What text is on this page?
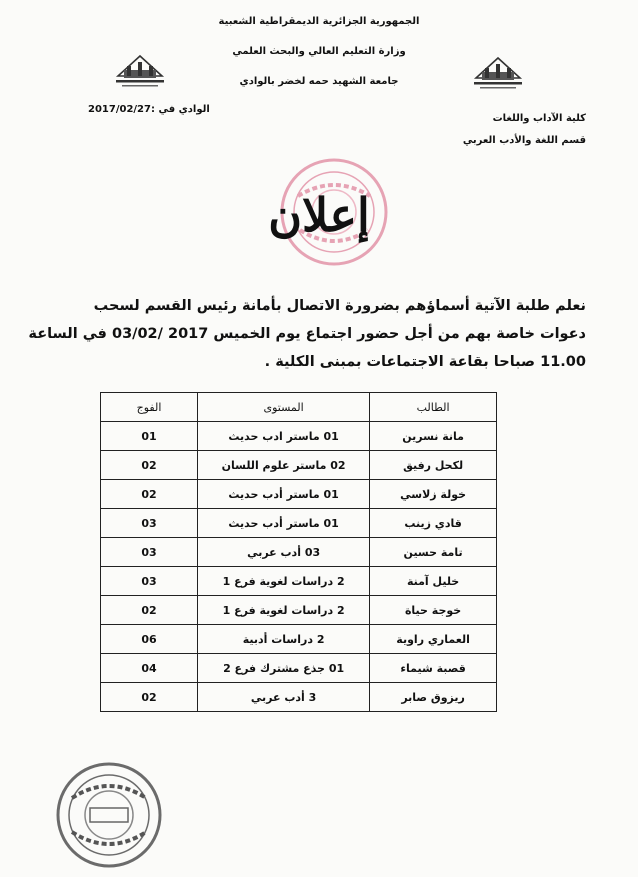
الجمهورية الجزائرية الديمقراطية الشعبية
وزارة التعليم العالي والبحث العلمي
جامعة الشهيد حمه لخضر بالوادي
الوادي في :2017/02/27
كلية الآداب واللغات
قسم اللغة والأدب العربي
إعلان
نعلم طلبة الآتية أسماؤهم بضرورة الاتصال بأمانة رئيس القسم لسحب
دعوات خاصة بهم من أجل حضور اجتماع يوم الخميس 2017 /03/02 في الساعة
11.00 صباحا بقاعة الاجتماعات بمبنى الكلية .
الطالب	المستوى	الفوج
مانة نسرين	01 ماستر ادب حديث	01
لكحل رفيق	02 ماستر علوم اللسان	02
خولة زلاسي	01 ماستر أدب حديث	02
قادي زينب	01 ماستر أدب حديث	03
تامة حسين	03 أدب عربي	03
خليل آمنة	2 دراسات لغوية فرع 1	03
خوجة حياة	2 دراسات لغوية فرع 1	02
العماري راوية	2 دراسات أدبية	06
قصبة شيماء	01 جذع مشترك فرع 2	04
ريزوق صابر	3 أدب عربي	02
